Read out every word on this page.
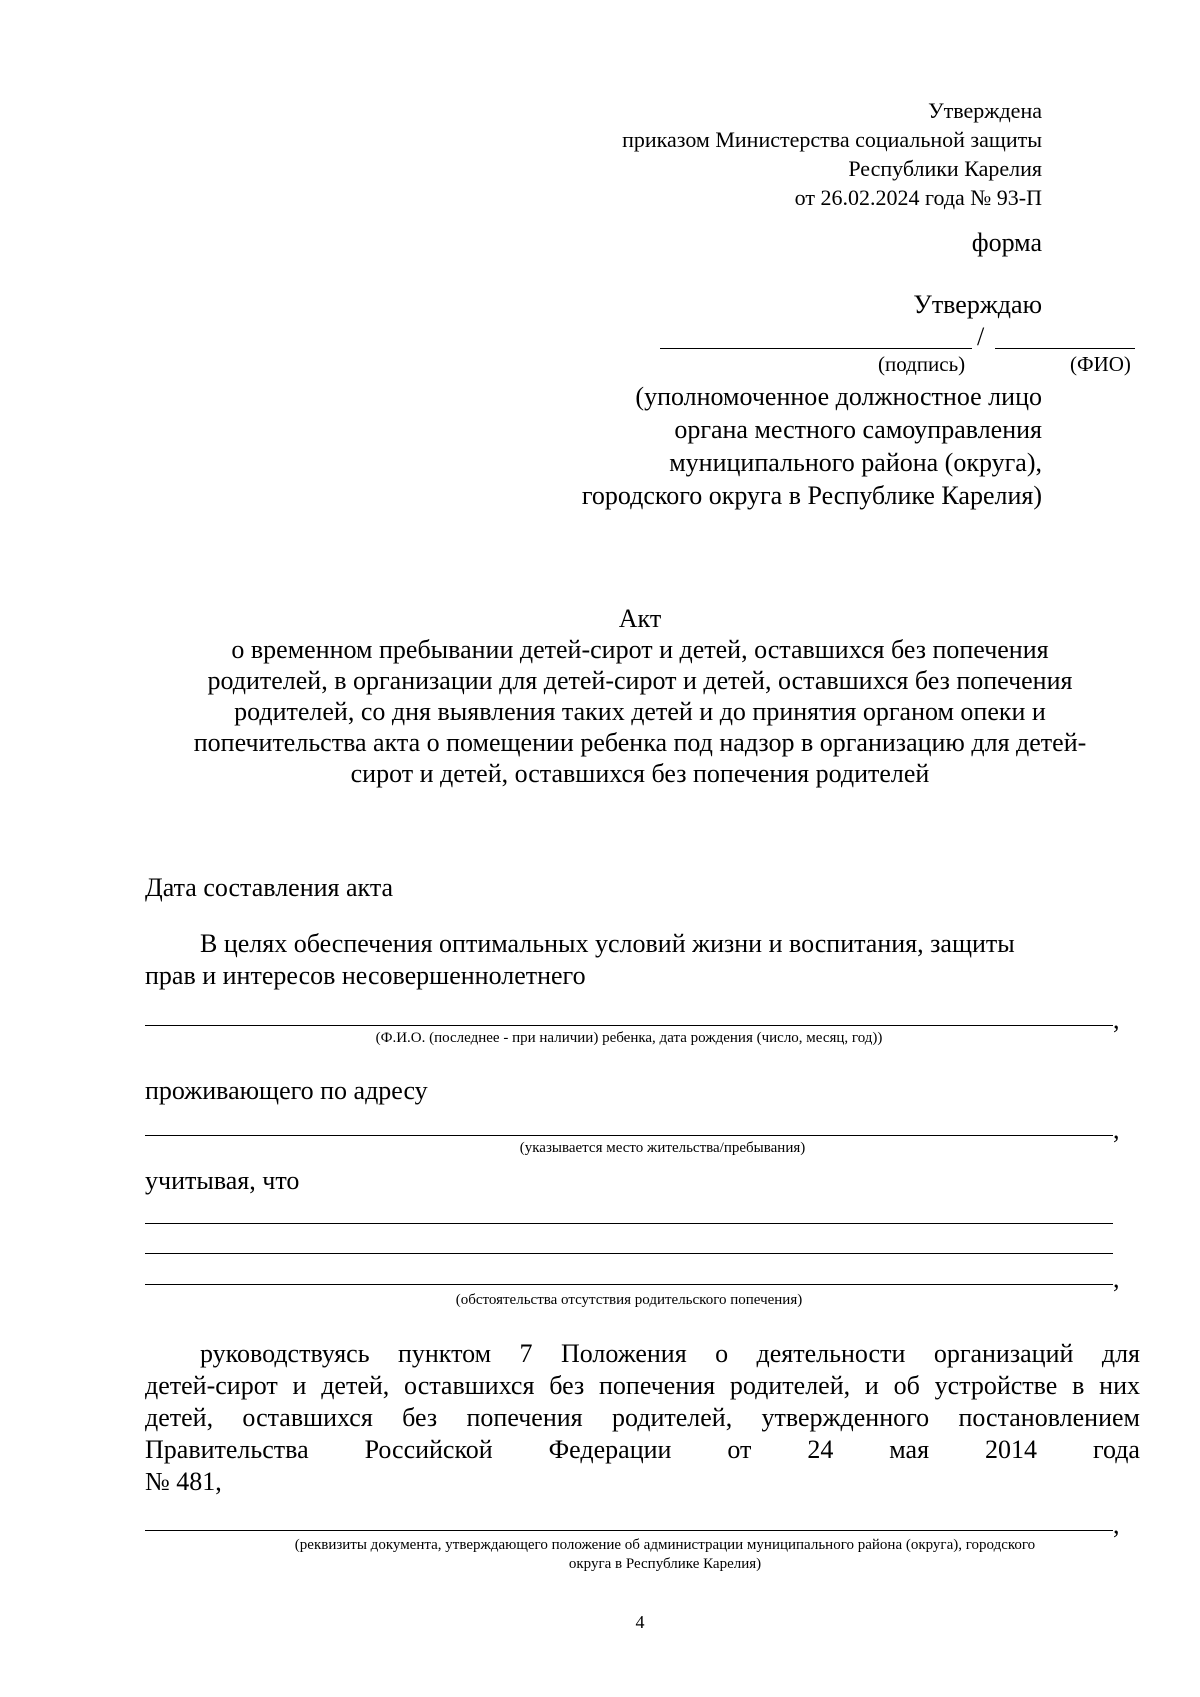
Утверждена
приказом Министерства социальной защиты
Республики Карелия
от 26.02.2024 года № 93-П
форма
Утверждаю
/
(подпись)	(ФИО)
(уполномоченное должностное лицо
органа местного самоуправления
муниципального района (округа),
городского округа в Республике Карелия)
Акт
о временном пребывании детей-сирот и детей, оставшихся без попечения
родителей, в организации для детей-сирот и детей, оставшихся без попечения
родителей, со дня выявления таких детей и до принятия органом опеки и
попечительства акта о помещении ребенка под надзор в организацию для детей-
сирот и детей, оставшихся без попечения родителей
Дата составления акта
В целях обеспечения оптимальных условий жизни и воспитания, защиты
прав и интересов несовершеннолетнего
,
(Ф.И.О. (последнее - при наличии) ребенка, дата рождения (число, месяц, год))
проживающего по адресу
,
(указывается место жительства/пребывания)
учитывая, что
,
(обстоятельства отсутствия родительского попечения)
руководствуясь пунктом 7 Положения о деятельности организаций для
детей-сирот и детей, оставшихся без попечения родителей, и об устройстве в них
детей, оставшихся без попечения родителей, утвержденного постановлением
Правительства Российской Федерации от 24 мая 2014 года
№ 481,
,
(реквизиты документа, утверждающего положение об администрации муниципального района (округа), городского
округа в Республике Карелия)
4
